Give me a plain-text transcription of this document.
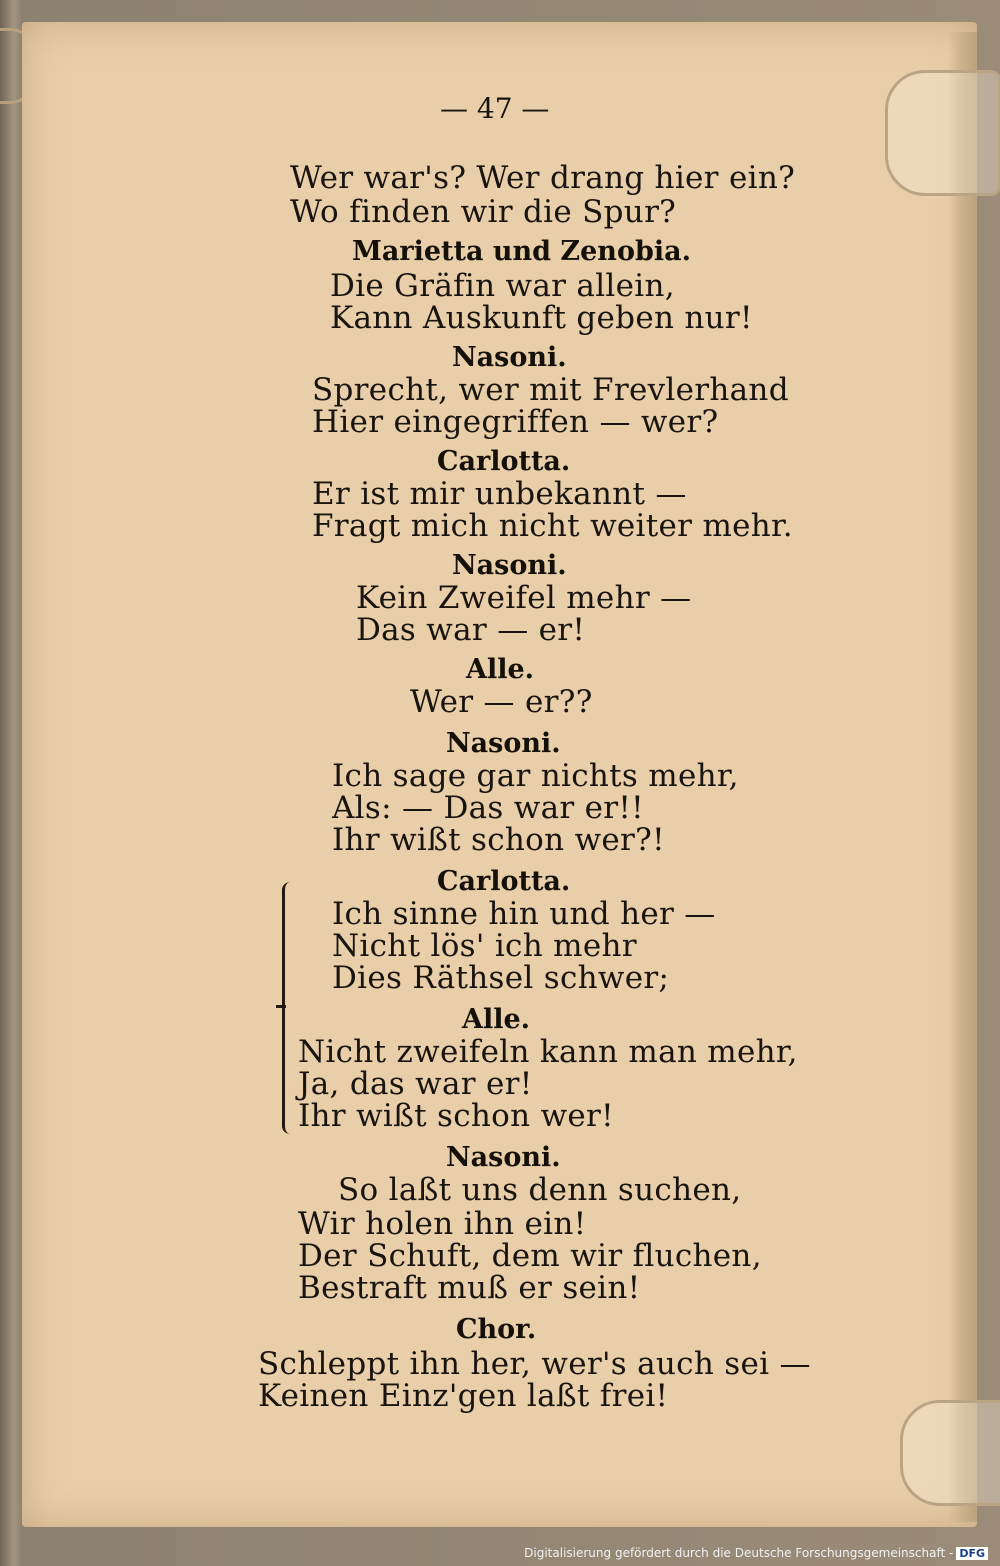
— 47 —
Wer war's? Wer drang hier ein?
Wo finden wir die Spur?
Marietta und Zenobia.
Die Gräfin war allein,
Kann Auskunft geben nur!
Nasoni.
Sprecht, wer mit Frevlerhand
Hier eingegriffen — wer?
Carlotta.
Er ist mir unbekannt —
Fragt mich nicht weiter mehr.
Nasoni.
Kein Zweifel mehr —
Das war — er!
Alle.
Wer — er??
Nasoni.
Ich sage gar nichts mehr,
Als: — Das war er!!
Ihr wißt schon wer?!
Carlotta.
Ich sinne hin und her —
Nicht lös' ich mehr
Dies Räthsel schwer;
Alle.
Nicht zweifeln kann man mehr,
Ja, das war er!
Ihr wißt schon wer!
Nasoni.
So laßt uns denn suchen,
Wir holen ihn ein!
Der Schuft, dem wir fluchen,
Bestraft muß er sein!
Chor.
Schleppt ihn her, wer's auch sei —
Keinen Einz'gen laßt frei!
Digitalisierung gefördert durch die Deutsche Forschungsgemeinschaft - DFG
